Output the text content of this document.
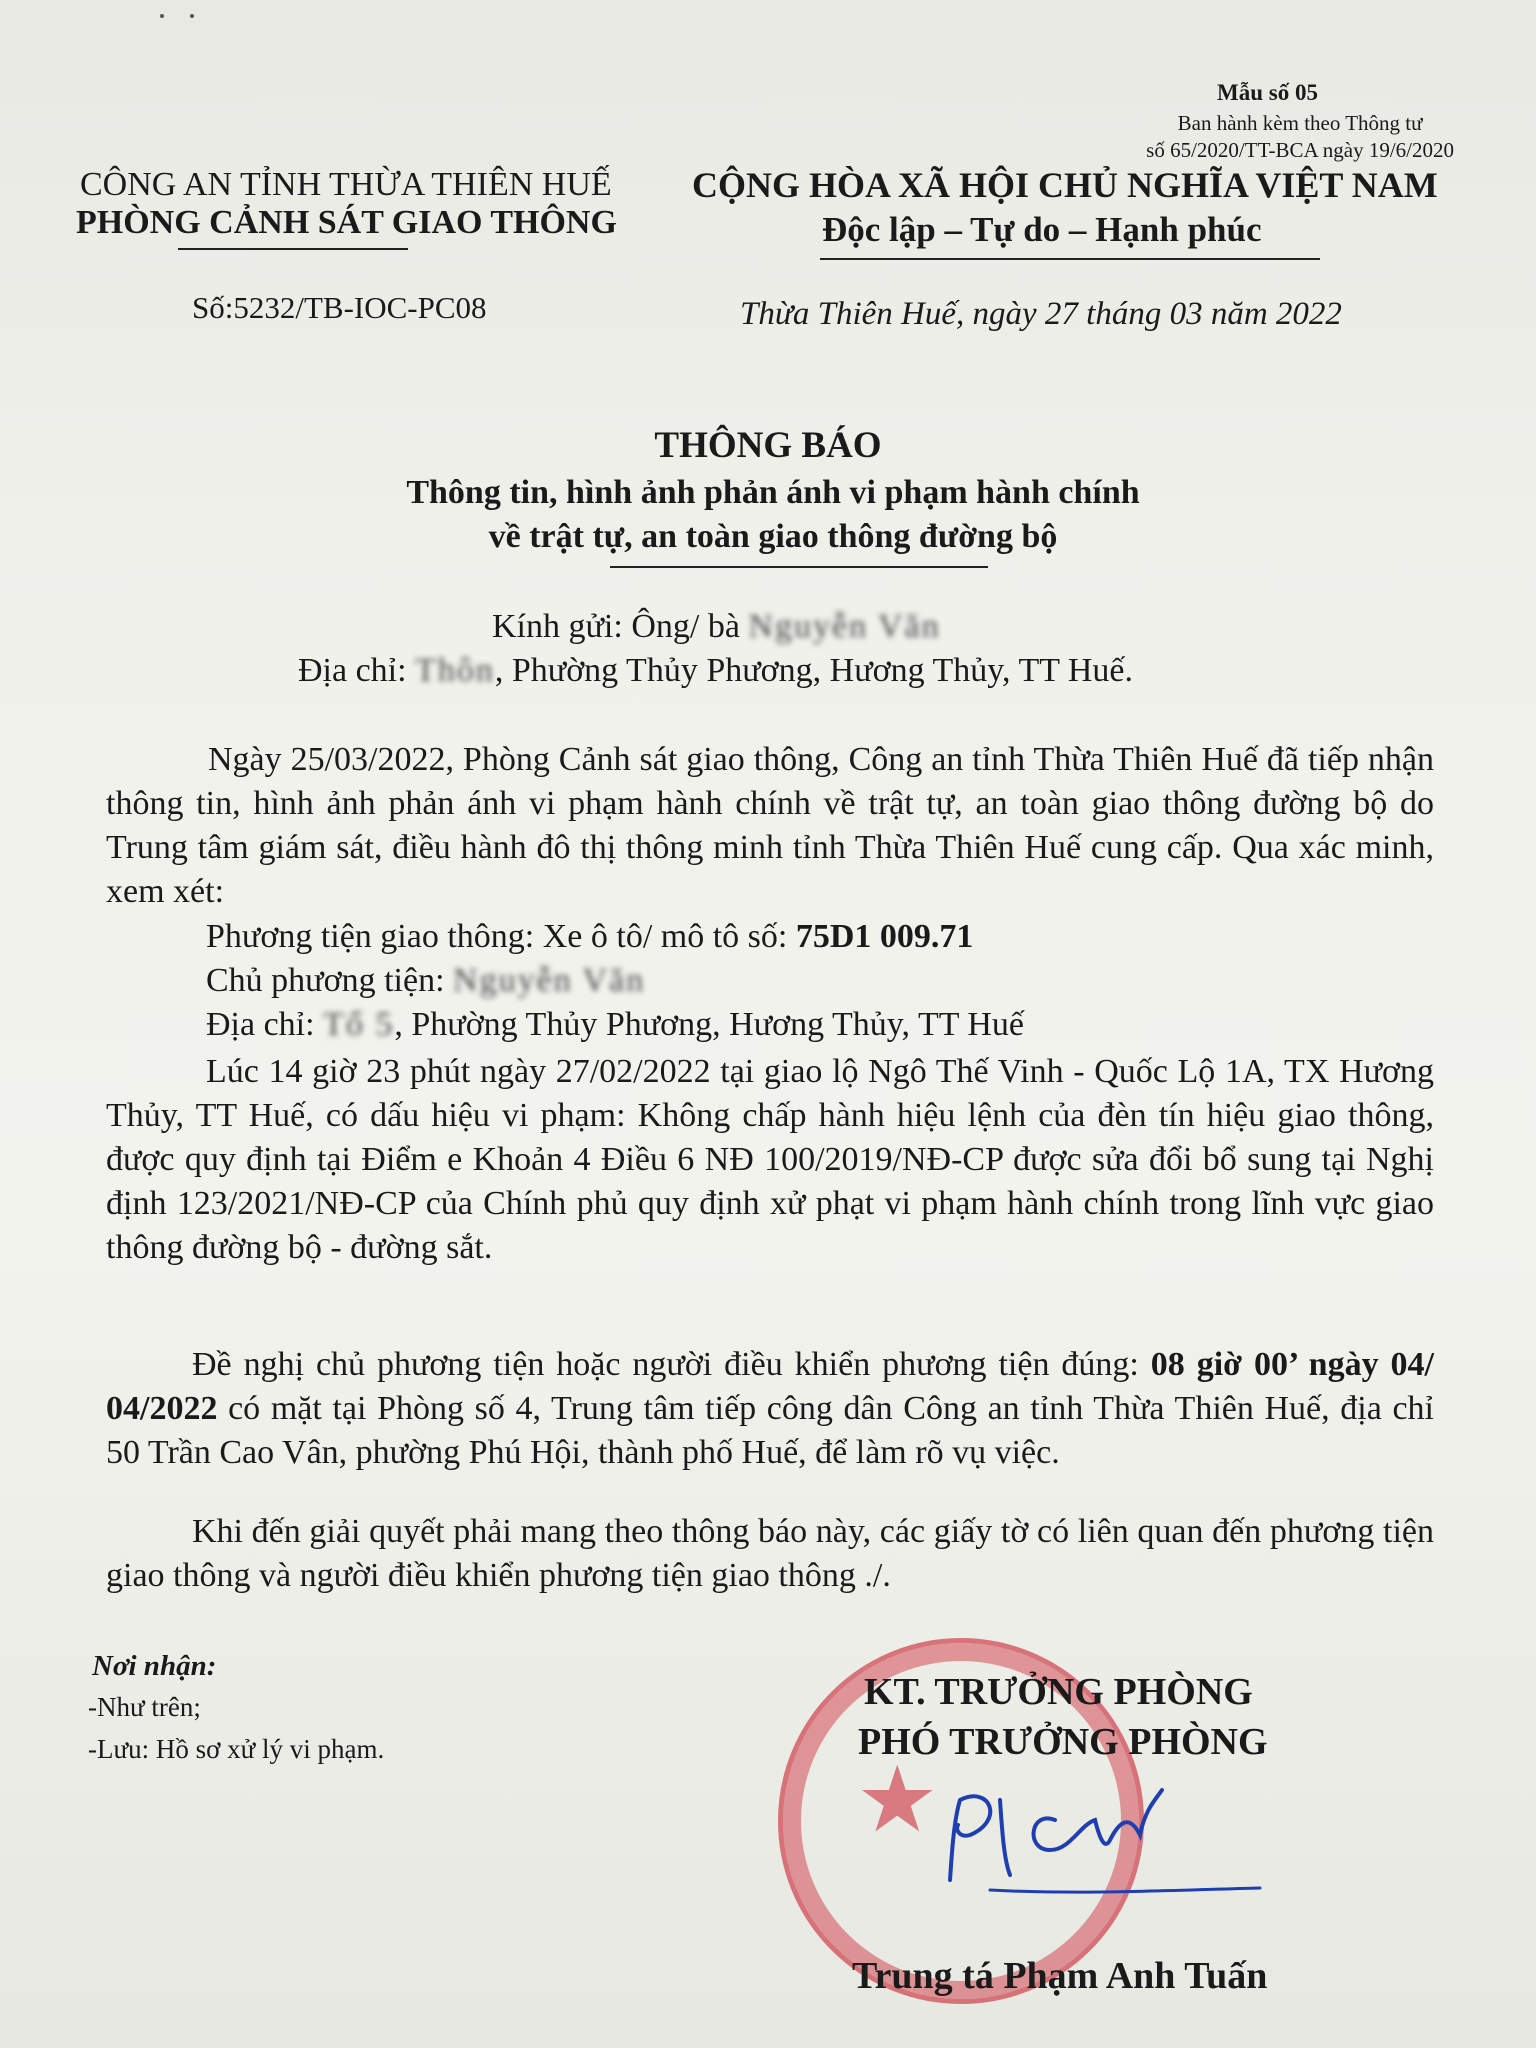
Mẫu số 05
Ban hành kèm theo Thông tư
số 65/2020/TT-BCA ngày 19/6/2020
CÔNG AN TỈNH THỪA THIÊN HUẾ
PHÒNG CẢNH SÁT GIAO THÔNG
CỘNG HÒA XÃ HỘI CHỦ NGHĨA VIỆT NAM
Độc lập – Tự do – Hạnh phúc
Số:5232/TB-IOC-PC08	Thừa Thiên Huế, ngày 27 tháng 03 năm 2022
THÔNG BÁO
Thông tin, hình ảnh phản ánh vi phạm hành chính
về trật tự, an toàn giao thông đường bộ
Kính gửi: Ông/ bà Nguyễn Văn
Địa chỉ: Thôn, Phường Thủy Phương, Hương Thủy, TT Huế.
Ngày 25/03/2022, Phòng Cảnh sát giao thông, Công an tỉnh Thừa Thiên Huế đã tiếp nhận thông tin, hình ảnh phản ánh vi phạm hành chính về trật tự, an toàn giao thông đường bộ do Trung tâm giám sát, điều hành đô thị thông minh tỉnh Thừa Thiên Huế cung cấp. Qua xác minh, xem xét:
Phương tiện giao thông: Xe ô tô/ mô tô số: 75D1 009.71
Chủ phương tiện: Nguyễn Văn
Địa chỉ: Tổ 5, Phường Thủy Phương, Hương Thủy, TT Huế
Lúc 14 giờ 23 phút ngày 27/02/2022 tại giao lộ Ngô Thế Vinh - Quốc Lộ 1A, TX Hương Thủy, TT Huế, có dấu hiệu vi phạm: Không chấp hành hiệu lệnh của đèn tín hiệu giao thông, được quy định tại Điểm e Khoản 4 Điều 6 NĐ 100/2019/NĐ-CP được sửa đổi bổ sung tại Nghị định 123/2021/NĐ-CP của Chính phủ quy định xử phạt vi phạm hành chính trong lĩnh vực giao thông đường bộ - đường sắt.
Đề nghị chủ phương tiện hoặc người điều khiển phương tiện đúng: 08 giờ 00’ ngày 04/ 04/2022 có mặt tại Phòng số 4, Trung tâm tiếp công dân Công an tỉnh Thừa Thiên Huế, địa chỉ 50 Trần Cao Vân, phường Phú Hội, thành phố Huế, để làm rõ vụ việc.
Khi đến giải quyết phải mang theo thông báo này, các giấy tờ có liên quan đến phương tiện giao thông và người điều khiển phương tiện giao thông ./.
Nơi nhận:
-Như trên;
-Lưu: Hồ sơ xử lý vi phạm.	★
KT. TRƯỞNG PHÒNG
PHÓ TRƯỞNG PHÒNG
Trung tá Phạm Anh Tuấn
